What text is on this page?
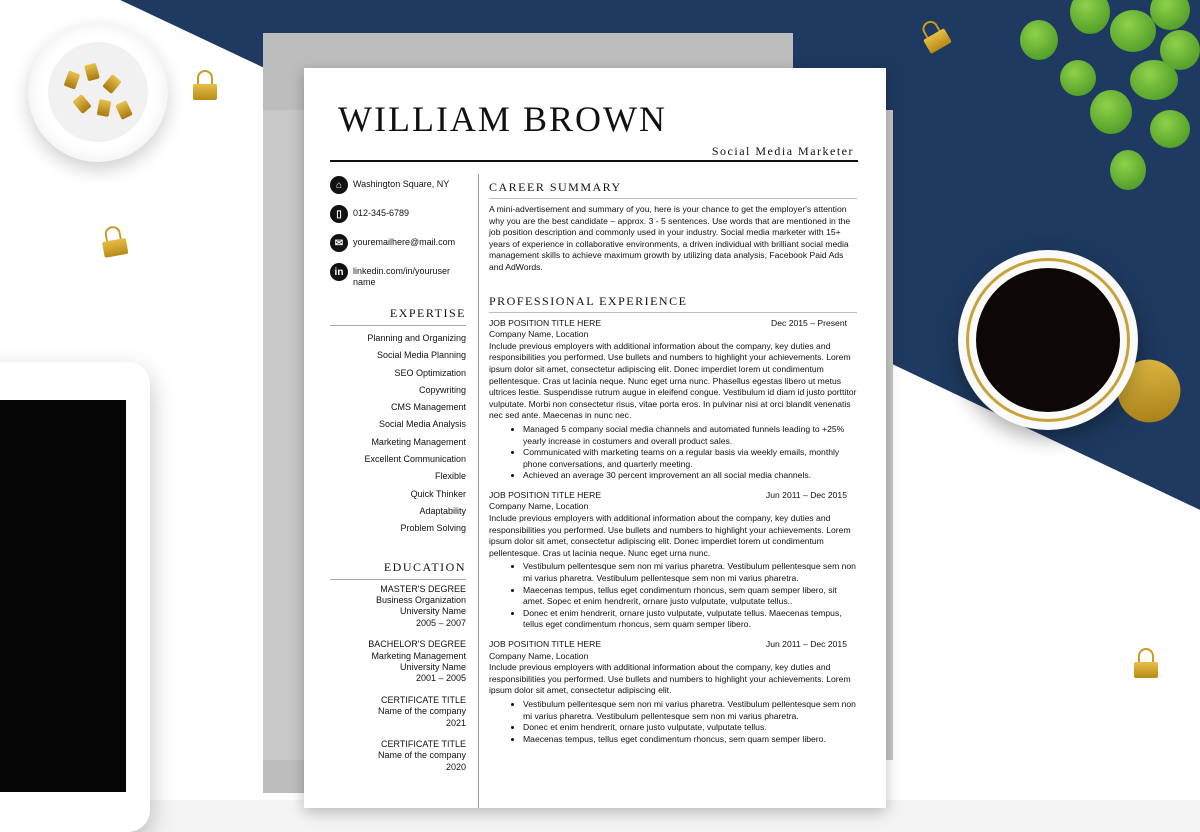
WILLIAM BROWN
Social Media Marketer
⌂	Washington Square, NY
▯	012-345-6789
✉	youremailhere@mail.com
in	linkedin.com/in/youruser name
EXPERTISE
Planning and Organizing
Social Media Planning
SEO Optimization
Copywriting
CMS Management
Social Media Analysis
Marketing Management
Excellent Communication
Flexible
Quick Thinker
Adaptability
Problem Solving
EDUCATION
MASTER'S DEGREE
Business Organization
University Name
2005 – 2007
BACHELOR'S DEGREE
Marketing Management
University Name
2001 – 2005
CERTIFICATE TITLE
Name of the company
2021
CERTIFICATE TITLE
Name of the company
2020
CAREER SUMMARY
A mini-advertisement and summary of you, here is your chance to get the employer's attention why you are the best candidate – approx. 3 - 5 sentences. Use words that are mentioned in the job position description and commonly used in your industry. Social media marketer with 15+ years of experience in collaborative environments, a driven individual with brilliant social media management skills to achieve maximum growth by utilizing data analysis, Facebook Paid Ads and AdWords.
PROFESSIONAL EXPERIENCE
JOB POSITION TITLE HERE	Dec 2015 – Present
Company Name, Location
Include previous employers with additional information about the company, key duties and responsibilities you performed. Use bullets and numbers to highlight your achievements. Lorem ipsum dolor sit amet, consectetur adipiscing elit. Donec imperdiet lorem ut condimentum pellentesque. Cras ut lacinia neque. Nunc eget urna nunc. Phasellus egestas libero ut metus ultrices lestie. Suspendisse rutrum augue in eleifend congue. Vestibulum id diam id justo porttitor vulputate. Morbi non consectetur risus, vitae porta eros. In pulvinar nisi at orci blandit venenatis nec sed ante. Maecenas in nunc nec.
• Managed 5 company social media channels and automated funnels leading to +25% yearly increase in costumers and overall product sales.
• Communicated with marketing teams on a regular basis via weekly emails, monthly phone conversations, and quarterly meeting.
• Achieved an average 30 percent improvement an all social media channels.
JOB POSITION TITLE HERE	Jun 2011 – Dec 2015
Company Name, Location
Include previous employers with additional information about the company, key duties and responsibilities you performed. Use bullets and numbers to highlight your achievements. Lorem ipsum dolor sit amet, consectetur adipiscing elit. Donec imperdiet lorem ut condimentum pellentesque. Cras ut lacinia neque. Nunc eget urna nunc.
• Vestibulum pellentesque sem non mi varius pharetra. Vestibulum pellentesque sem non mi varius pharetra. Vestibulum pellentesque sem non mi varius pharetra.
• Maecenas tempus, tellus eget condimentum rhoncus, sem quam semper libero, sit amet. Sopec et enim hendrerit, ornare justo vulputate, vulputate tellus..
• Donec et enim hendrerit, ornare justo vulputate, vulputate tellus. Maecenas tempus, tellus eget condimentum rhoncus, sem quam semper libero.
JOB POSITION TITLE HERE	Jun 2011 – Dec 2015
Company Name, Location
Include previous employers with additional information about the company, key duties and responsibilities you performed. Use bullets and numbers to highlight your achievements. Lorem ipsum dolor sit amet, consectetur adipiscing elit.
• Vestibulum pellentesque sem non mi varius pharetra. Vestibulum pellentesque sem non mi varius pharetra. Vestibulum pellentesque sem non mi varius pharetra.
• Donec et enim hendrerit, ornare justo vulputate, vulputate tellus.
• Maecenas tempus, tellus eget condimentum rhoncus, sem quam semper libero.
